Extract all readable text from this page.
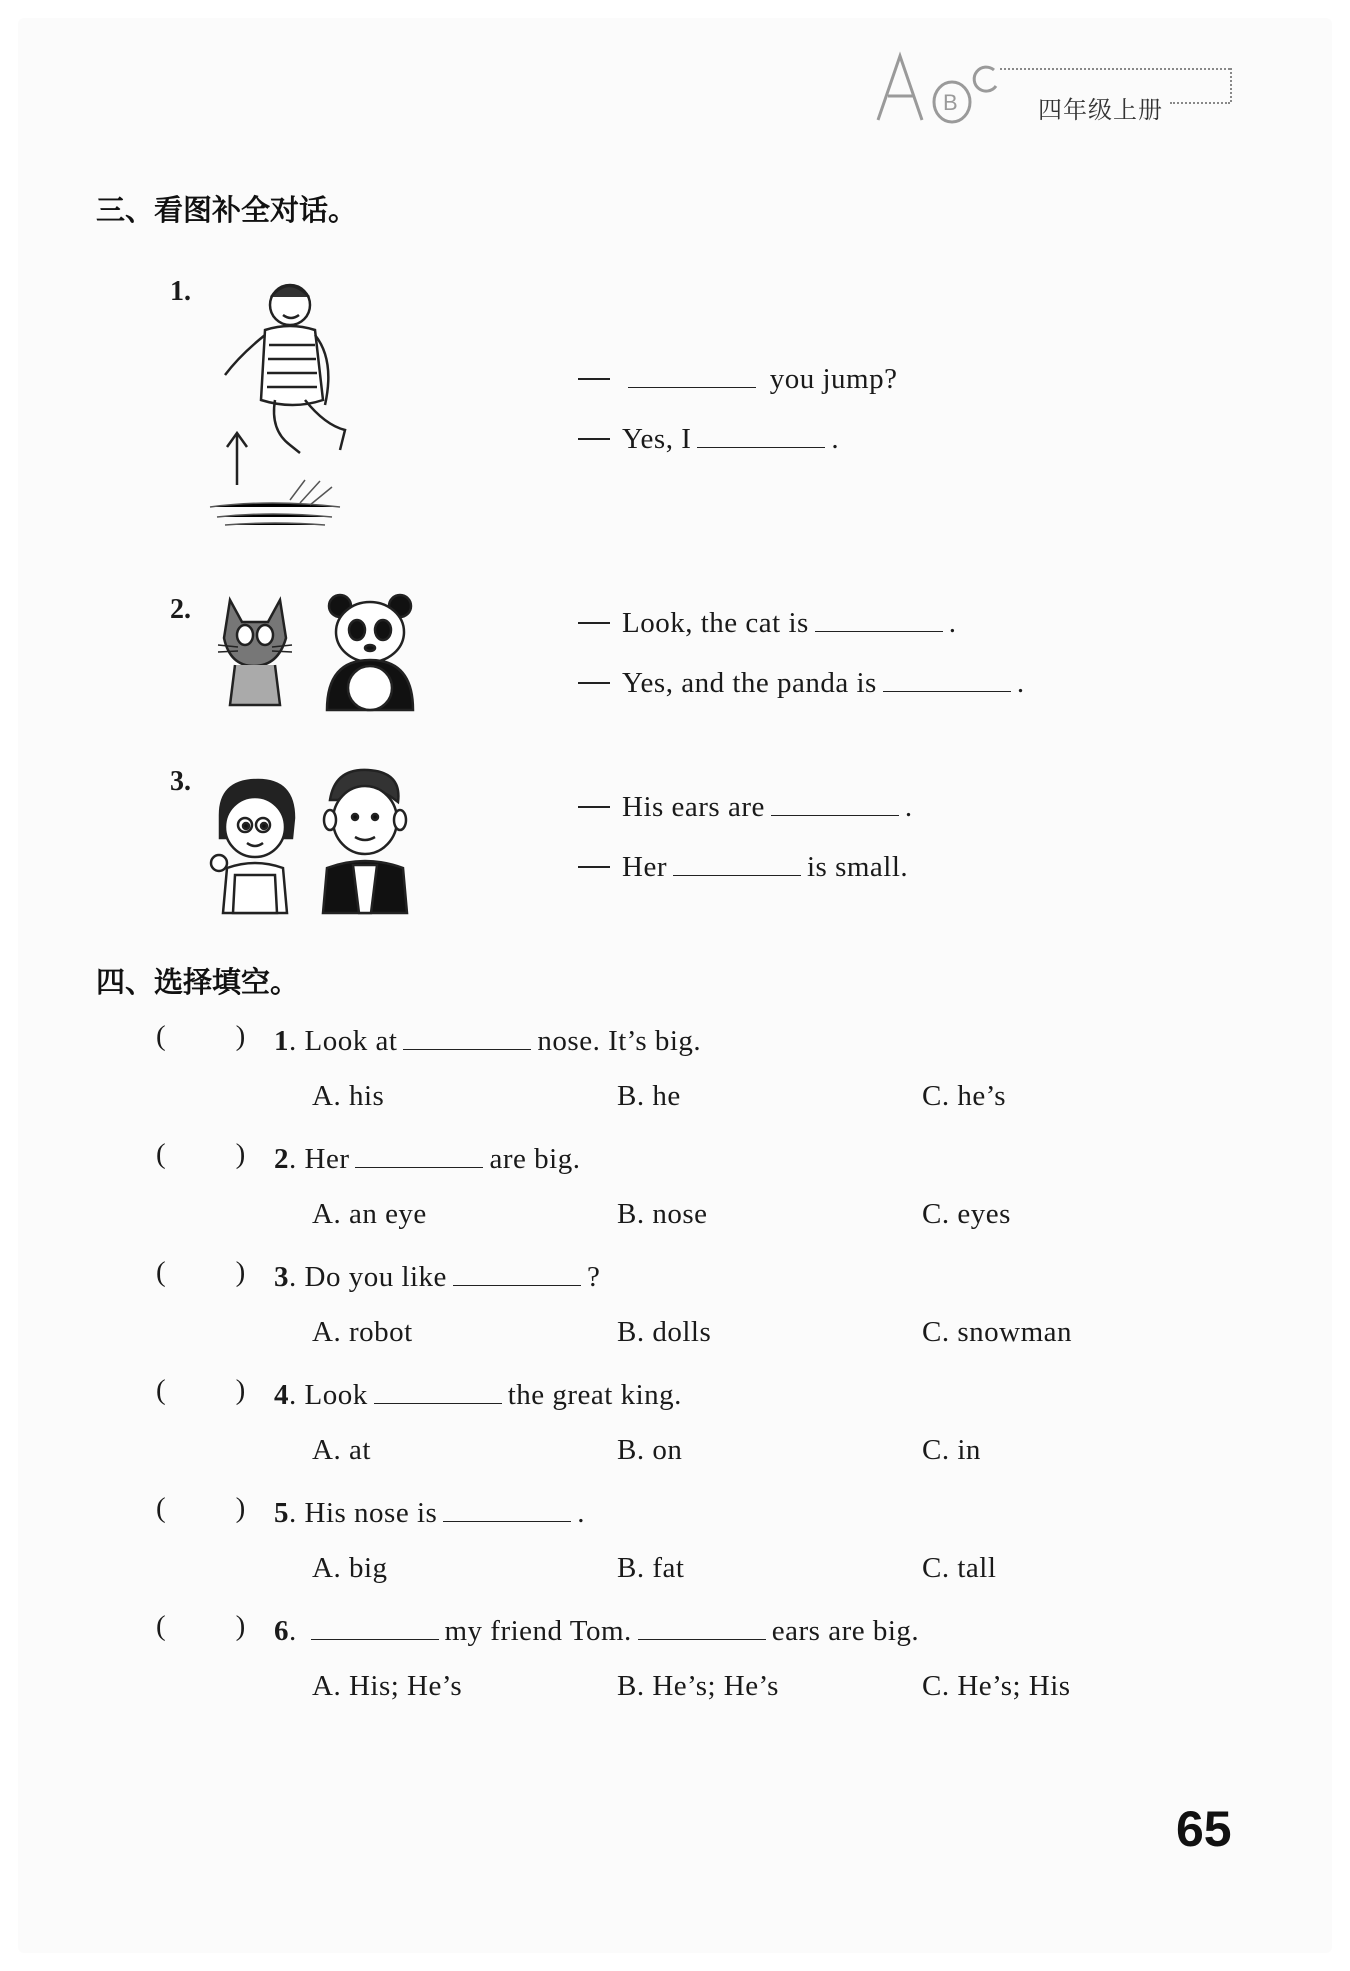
B	四年级上册
三、看图补全对话。
1.
you jump?
Yes, I	.
2.	Look, the cat is	.
Yes, and the panda is	.
3.
His ears are	.
Her	is small.
四、选择填空。
( ) 1. Look at	nose. It’s big.
A. his	B. he	C. he’s
( ) 2. Her	are big.
A. an eye	B. nose	C. eyes
( ) 3. Do you like	?
A. robot	B. dolls	C. snowman
( ) 4. Look	the great king.
A. at	B. on	C. in
( ) 5. His nose is	.
A. big	B. fat	C. tall
( ) 6.	my friend Tom.	ears are big.
A. His; He’s	B. He’s; He’s	C. He’s; His
65
